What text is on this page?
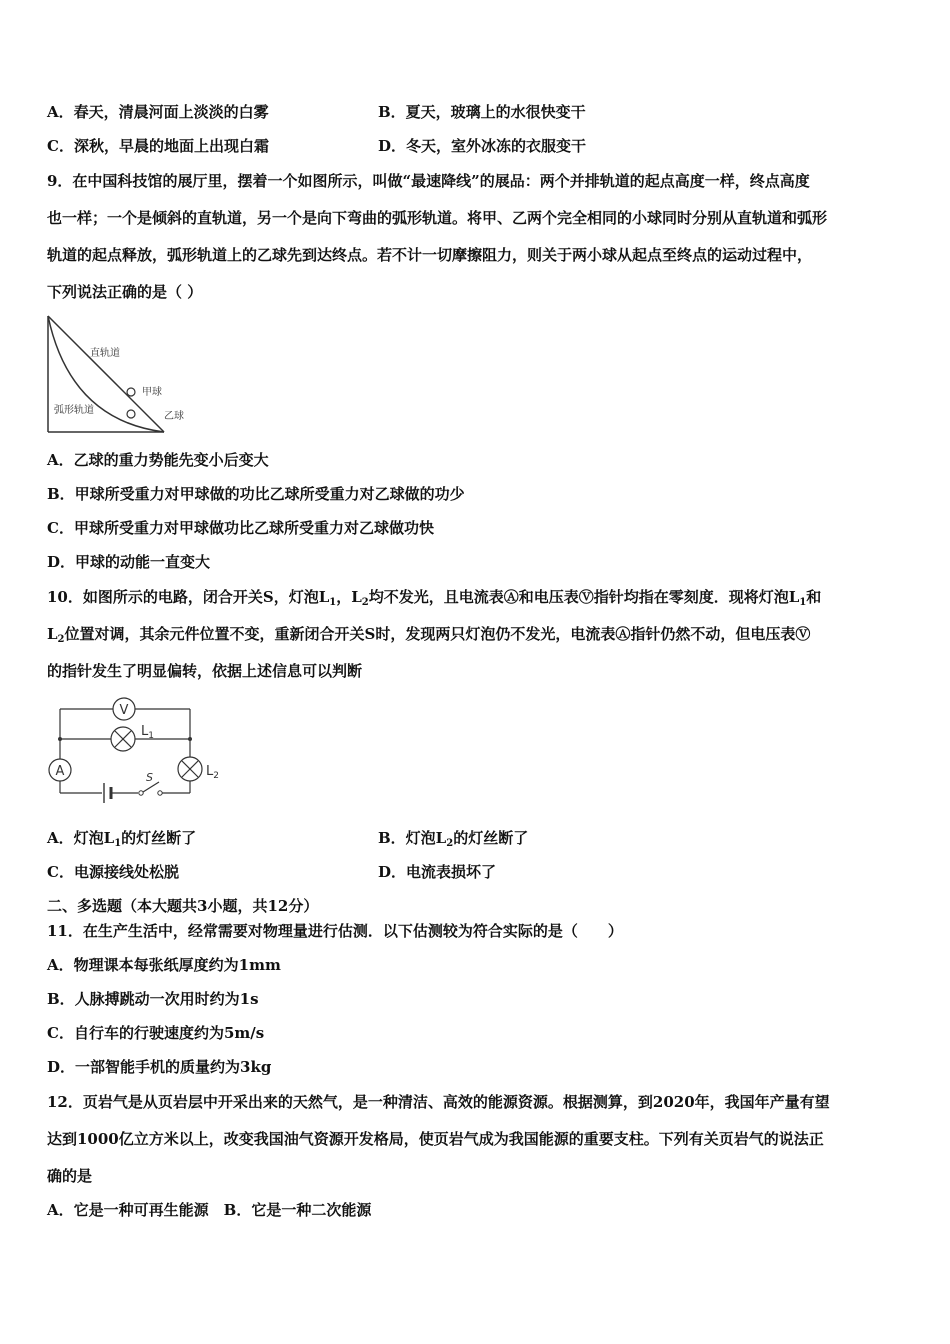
A．春天，清晨河面上淡淡的白雾	B．夏天，玻璃上的水很快变干
C．深秋，早晨的地面上出现白霜	D．冬天，室外冰冻的衣服变干
9．在中国科技馆的展厅里，摆着一个如图所示，叫做“最速降线”的展品：两个并排轨道的起点高度一样，终点高度
也一样；一个是倾斜的直轨道，另一个是向下弯曲的弧形轨道。将甲、乙两个完全相同的小球同时分别从直轨道和弧形
轨道的起点释放，弧形轨道上的乙球先到达终点。若不计一切摩擦阻力，则关于两小球从起点至终点的运动过程中，
下列说法正确的是（ ）
直轨道
甲球
弧形轨道
乙球
A．乙球的重力势能先变小后变大
B．甲球所受重力对甲球做的功比乙球所受重力对乙球做的功少
C．甲球所受重力对甲球做功比乙球所受重力对乙球做功快
D．甲球的动能一直变大
10．如图所示的电路，闭合开关S，灯泡$L_1$，$L_2$均不发光，且电流表Ⓐ和电压表Ⓥ指针均指在零刻度．现将灯泡$L_1$和
$L_2$位置对调，其余元件位置不变，重新闭合开关S时，发现两只灯泡仍不发光，电流表Ⓐ指针仍然不动，但电压表Ⓥ
的指针发生了明显偏转，依据上述信息可以判断
S
V
$L_1$
A	$L_2$
A．灯泡$L_1$的灯丝断了	B．灯泡$L_2$的灯丝断了
C．电源接线处松脱	D．电流表损坏了
二、多选题（本大题共3小题，共12分）
11．在生产生活中，经常需要对物理量进行估测．以下估测较为符合实际的是（　　）
A．物理课本每张纸厚度约为1mm
B．人脉搏跳动一次用时约为1s
C．自行车的行驶速度约为5m/s
D．一部智能手机的质量约为3kg
12．页岩气是从页岩层中开采出来的天然气，是一种清洁、高效的能源资源。根据测算，到2020年，我国年产量有望
达到1000亿立方米以上，改变我国油气资源开发格局，使页岩气成为我国能源的重要支柱。下列有关页岩气的说法正
确的是
A．它是一种可再生能源　B．它是一种二次能源
